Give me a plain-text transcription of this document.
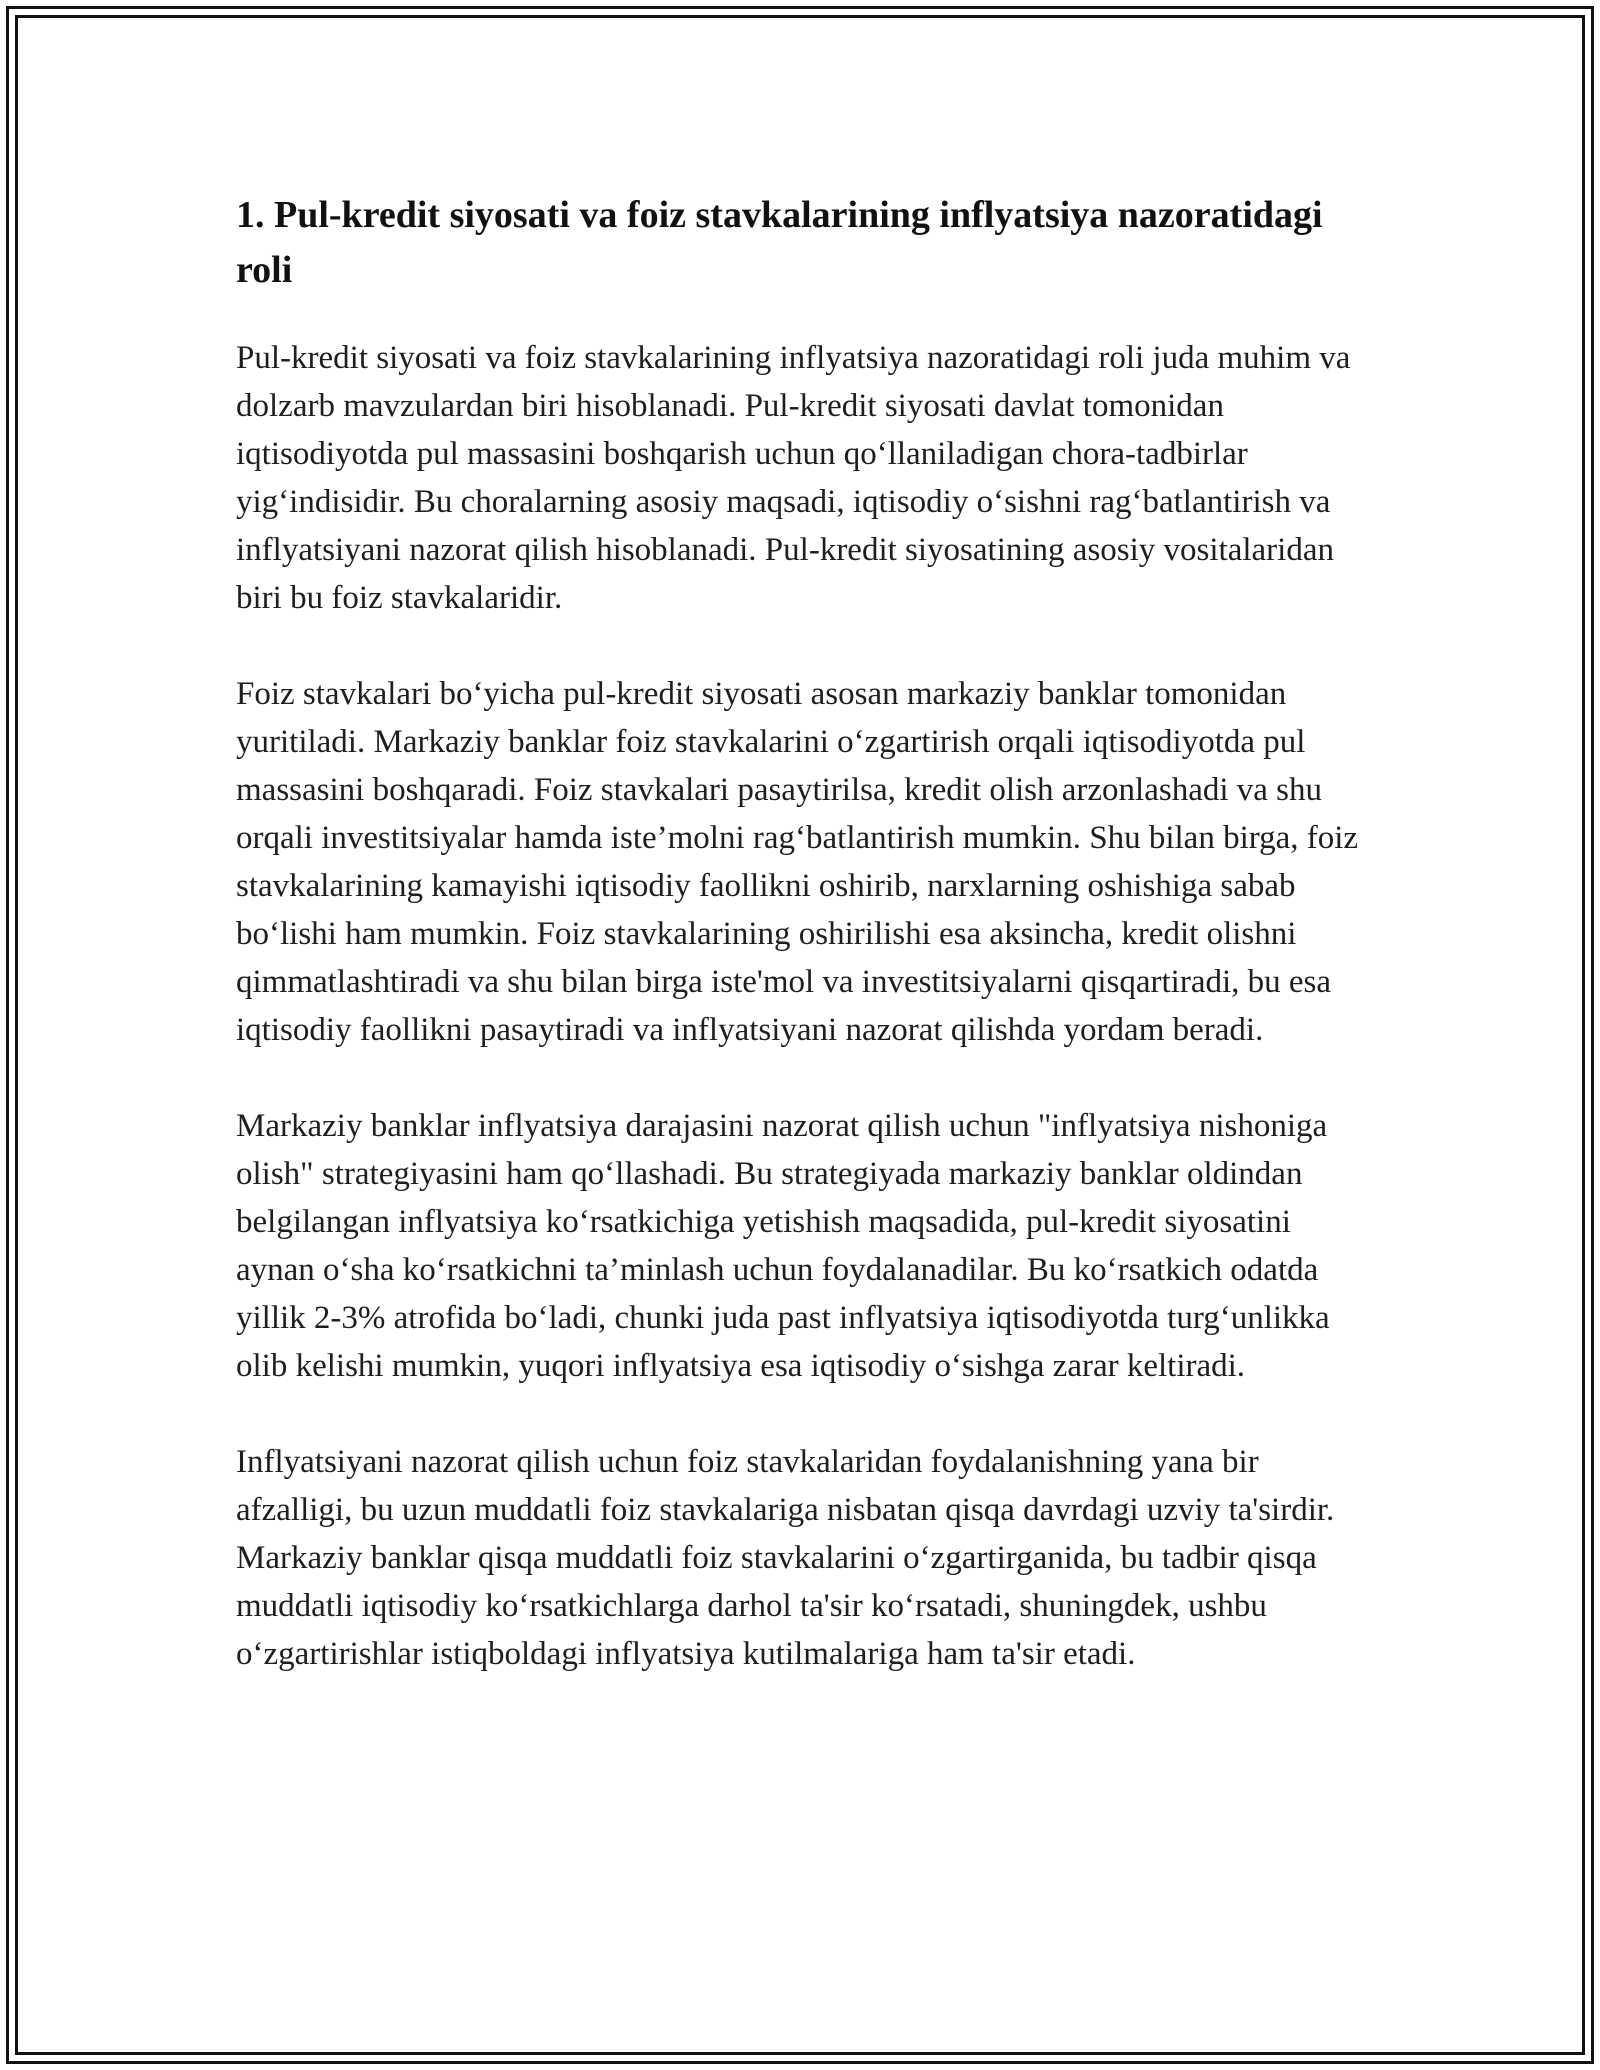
1. Pul-kredit siyosati va foiz stavkalarining inflyatsiya nazoratidagi roli

Pul-kredit siyosati va foiz stavkalarining inflyatsiya nazoratidagi roli juda muhim va dolzarb mavzulardan biri hisoblanadi. Pul-kredit siyosati davlat tomonidan iqtisodiyotda pul massasini boshqarish uchun qo‘llaniladigan chora-tadbirlar yig‘indisidir. Bu choralarning asosiy maqsadi, iqtisodiy o‘sishni rag‘batlantirish va inflyatsiyani nazorat qilish hisoblanadi. Pul-kredit siyosatining asosiy vositalaridan biri bu foiz stavkalaridir.

Foiz stavkalari bo‘yicha pul-kredit siyosati asosan markaziy banklar tomonidan yuritiladi. Markaziy banklar foiz stavkalarini o‘zgartirish orqali iqtisodiyotda pul massasini boshqaradi. Foiz stavkalari pasaytirilsa, kredit olish arzonlashadi va shu orqali investitsiyalar hamda iste’molni rag‘batlantirish mumkin. Shu bilan birga, foiz stavkalarining kamayishi iqtisodiy faollikni oshirib, narxlarning oshishiga sabab bo‘lishi ham mumkin. Foiz stavkalarining oshirilishi esa aksincha, kredit olishni qimmatlashtiradi va shu bilan birga iste'mol va investitsiyalarni qisqartiradi, bu esa iqtisodiy faollikni pasaytiradi va inflyatsiyani nazorat qilishda yordam beradi.

Markaziy banklar inflyatsiya darajasini nazorat qilish uchun "inflyatsiya nishoniga olish" strategiyasini ham qo‘llashadi. Bu strategiyada markaziy banklar oldindan belgilangan inflyatsiya ko‘rsatkichiga yetishish maqsadida, pul-kredit siyosatini aynan o‘sha ko‘rsatkichni ta’minlash uchun foydalanadilar. Bu ko‘rsatkich odatda yillik 2-3% atrofida bo‘ladi, chunki juda past inflyatsiya iqtisodiyotda turg‘unlikka olib kelishi mumkin, yuqori inflyatsiya esa iqtisodiy o‘sishga zarar keltiradi.

Inflyatsiyani nazorat qilish uchun foiz stavkalaridan foydalanishning yana bir afzalligi, bu uzun muddatli foiz stavkalariga nisbatan qisqa davrdagi uzviy ta'sirdir. Markaziy banklar qisqa muddatli foiz stavkalarini o‘zgartirganida, bu tadbir qisqa muddatli iqtisodiy ko‘rsatkichlarga darhol ta'sir ko‘rsatadi, shuningdek, ushbu o‘zgartirishlar istiqboldagi inflyatsiya kutilmalariga ham ta'sir etadi.
